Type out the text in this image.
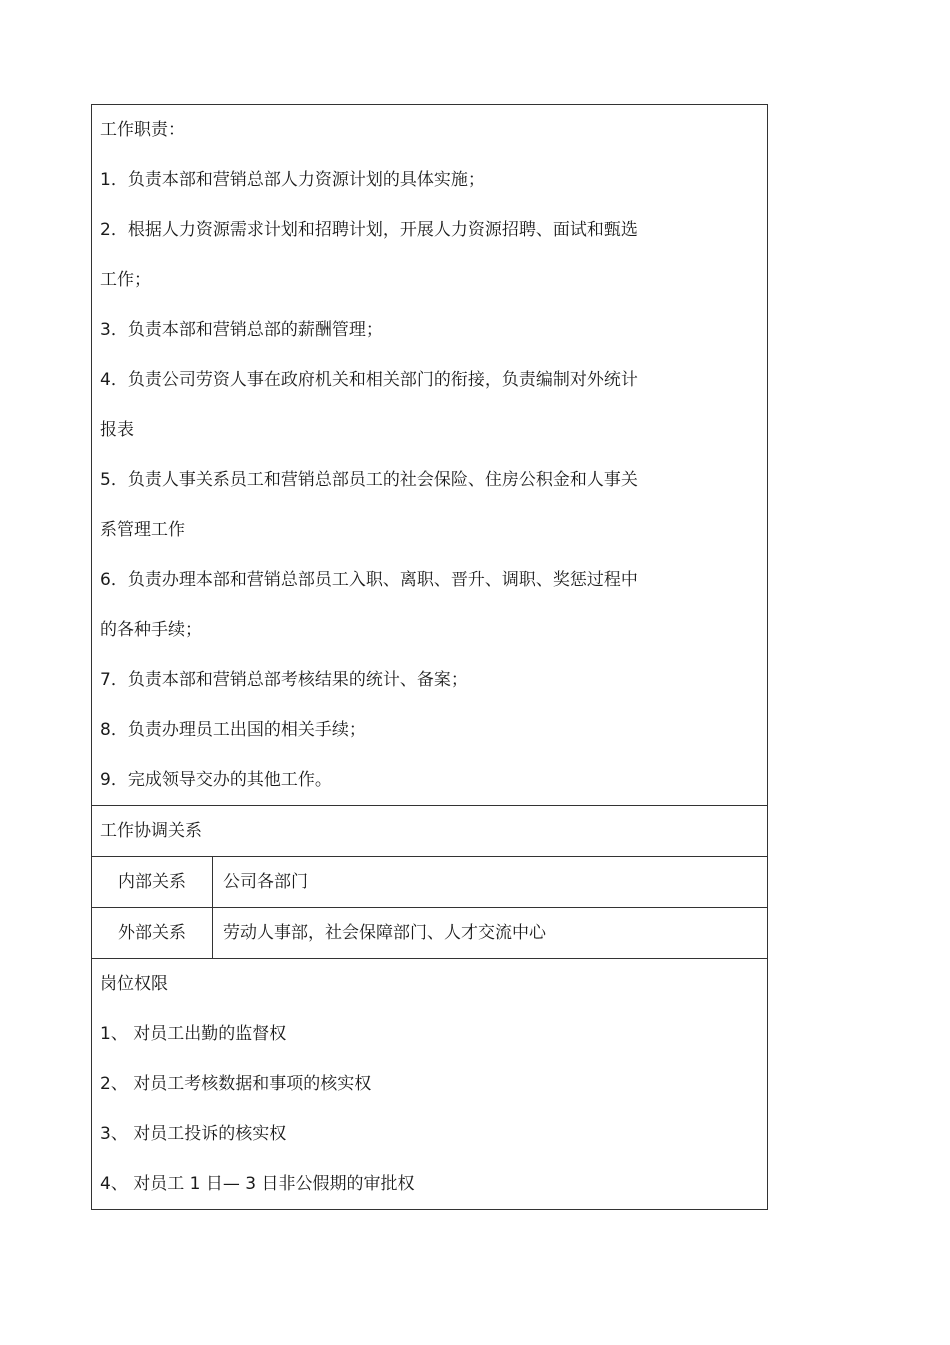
工作职责：
1．负责本部和营销总部人力资源计划的具体实施；
2．根据人力资源需求计划和招聘计划，开展人力资源招聘、面试和甄选
工作；
3．负责本部和营销总部的薪酬管理；
4．负责公司劳资人事在政府机关和相关部门的衔接，负责编制对外统计
报表
5．负责人事关系员工和营销总部员工的社会保险、住房公积金和人事关
系管理工作
6．负责办理本部和营销总部员工入职、离职、晋升、调职、奖惩过程中
的各种手续；
7．负责本部和营销总部考核结果的统计、备案；
8．负责办理员工出国的相关手续；
9．完成领导交办的其他工作。
工作协调关系
内部关系	公司各部门
外部关系	劳动人事部，社会保障部门、人才交流中心
岗位权限
1、 对员工出勤的监督权
2、 对员工考核数据和事项的核实权
3、 对员工投诉的核实权
4、 对员工 1 日— 3 日非公假期的审批权
